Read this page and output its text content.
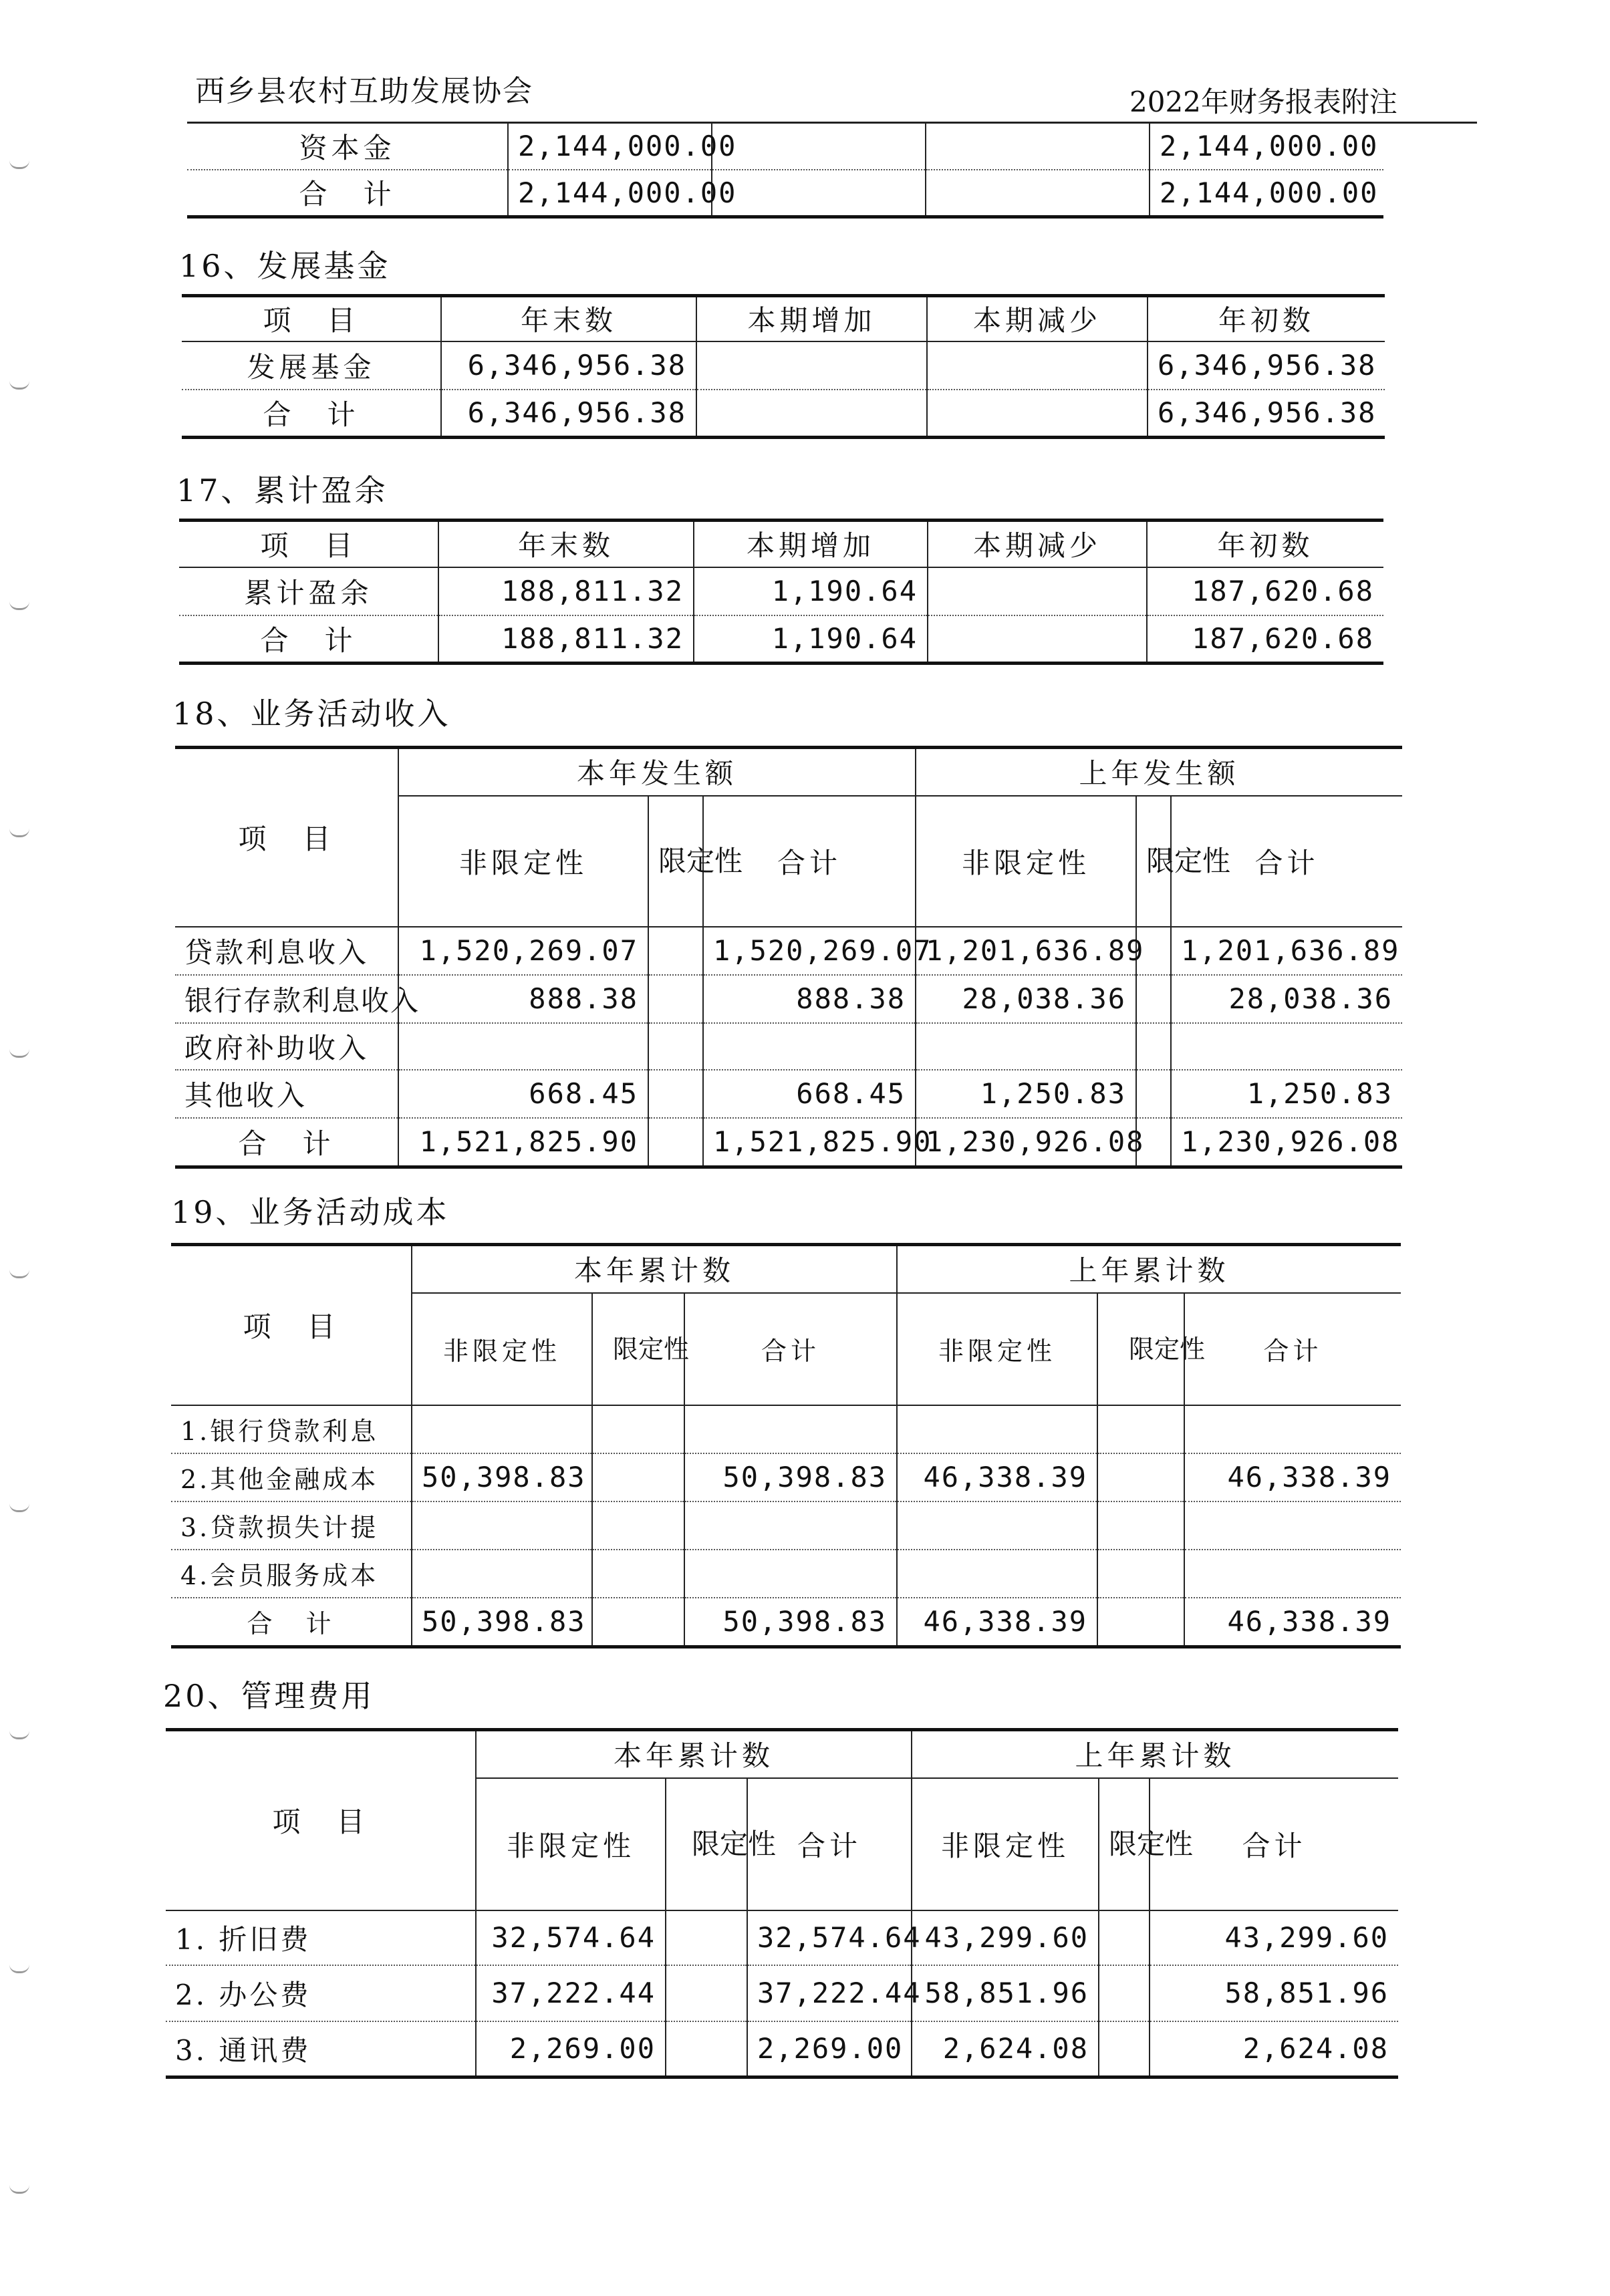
西乡县农村互助发展协会	2022年财务报表附注
资本金	2,144,000.00			2,144,000.00
合　计	2,144,000.00			2,144,000.00
16、发展基金
项　目	年末数	本期增加	本期减少	年初数
发展基金	6,346,956.38			6,346,956.38
合　计	6,346,956.38			6,346,956.38
17、累计盈余
项　目	年末数	本期增加	本期减少	年初数
累计盈余	188,811.32	1,190.64		187,620.68
合　计	188,811.32	1,190.64		187,620.68
18、业务活动收入
项　目	本年发生额			上年发生额		
	非限定性	限定性	合计	非限定性	限定性	合计
贷款利息收入	1,520,269.07		1,520,269.07	1,201,636.89		1,201,636.89
银行存款利息收入	888.38		888.38	28,038.36		28,038.36
政府补助收入						
其他收入	668.45		668.45	1,250.83		1,250.83
合　计	1,521,825.90		1,521,825.90	1,230,926.08		1,230,926.08
19、业务活动成本
项　目	本年累计数			上年累计数		
	非限定性	限定性	合计	非限定性	限定性	合计
1.银行贷款利息						
2.其他金融成本	50,398.83		50,398.83	46,338.39		46,338.39
3.贷款损失计提						
4.会员服务成本						
合　计	50,398.83		50,398.83	46,338.39		46,338.39
20、管理费用
项　目	本年累计数			上年累计数		
	非限定性	限定性	合计	非限定性	限定性	合计
1. 折旧费	32,574.64		32,574.64	43,299.60		43,299.60
2. 办公费	37,222.44		37,222.44	58,851.96		58,851.96
3. 通讯费	2,269.00		2,269.00	2,624.08		2,624.08
